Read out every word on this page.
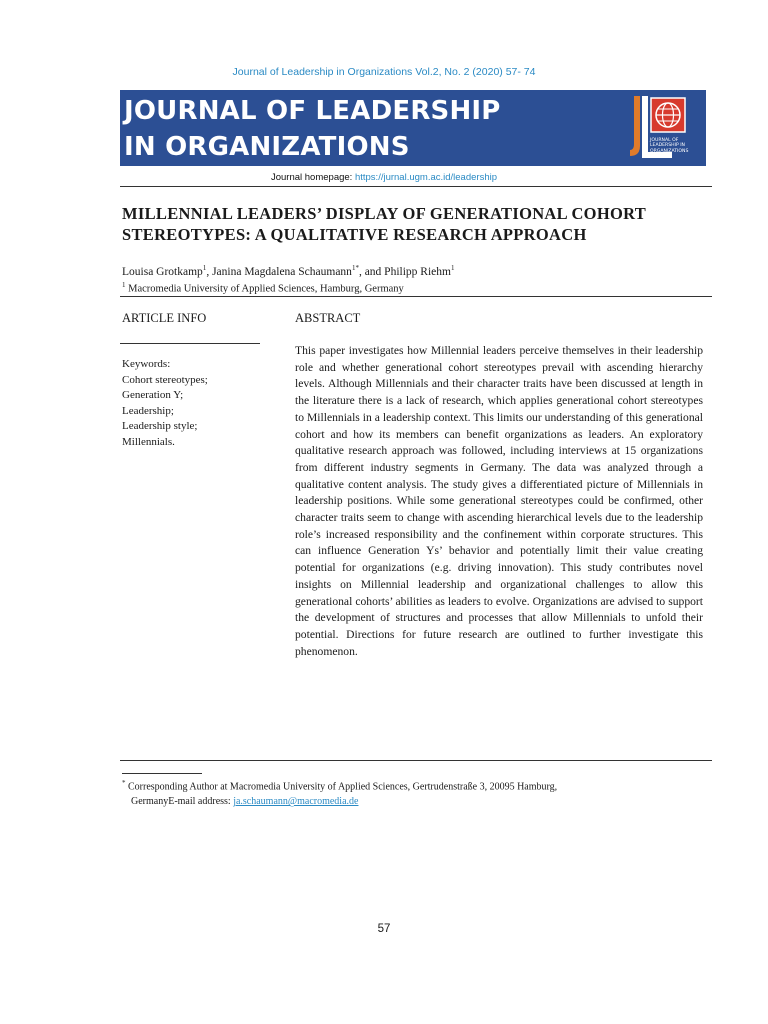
Journal of Leadership in Organizations Vol.2, No. 2 (2020) 57- 74
JOURNAL OF LEADERSHIP
IN ORGANIZATIONS
JL
JOURNAL OF LEADERSHIP IN ORGANIZATIONS
Journal homepage: https://jurnal.ugm.ac.id/leadership
MILLENNIAL LEADERS’ DISPLAY OF GENERATIONAL COHORT
STEREOTYPES: A QUALITATIVE RESEARCH APPROACH
Louisa Grotkamp$^1$, Janina Magdalena Schaumann$^{1*}$, and Philipp Riehm$^1$
$^1$ Macromedia University of Applied Sciences, Hamburg, Germany
ARTICLE INFO	ABSTRACT
Keywords:
Cohort stereotypes;
Generation Y;
Leadership;
Leadership style;
Millennials.
This paper investigates how Millennial leaders perceive themselves in their leadership role and whether generational cohort stereotypes prevail with ascending hierarchy levels. Although Millennials and their character traits have been discussed at length in the literature there is a lack of research, which applies generational cohort stereotypes to Millennials in a leadership context. This limits our understanding of this generational cohort and how its members can benefit organizations as leaders. An exploratory qualitative research approach was followed, including interviews at 15 organizations from different industry segments in Germany. The data was analyzed through a qualitative content analysis. The study gives a differentiated picture of Millennials in leadership positions. While some generational stereotypes could be confirmed, other character traits seem to change with ascending hierarchical levels due to the leadership role’s increased responsibility and the confinement within corporate structures. This can influence Generation Ys’ behavior and potentially limit their value creating potential for organizations (e.g. driving innovation). This study contributes novel insights on Millennial leadership and organizational challenges to allow this generational cohorts’ abilities as leaders to evolve. Organizations are advised to support the development of structures and processes that allow Millennials to unfold their potential. Directions for future research are outlined to further investigate this phenomenon.
* Corresponding Author at Macromedia University of Applied Sciences, Gertrudenstraße 3, 20095 Hamburg,
GermanyE-mail address: ja.schaumann@macromedia.de
57
